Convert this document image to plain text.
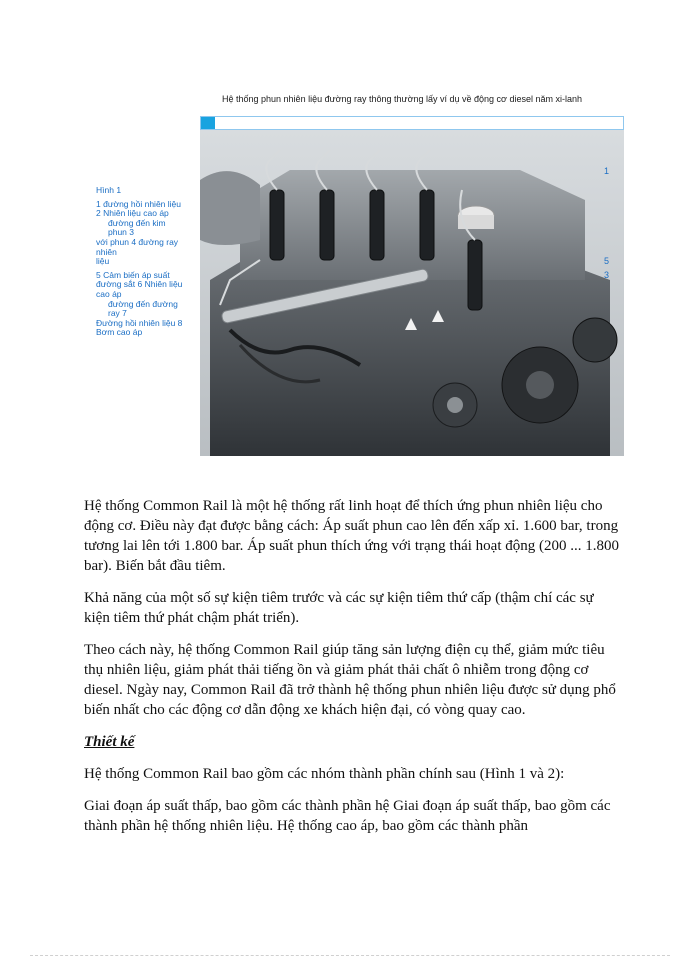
Hệ thống phun nhiên liệu đường ray thông thường lấy ví dụ về động cơ diesel năm xi-lanh
1
5
3
Hình 1
1 đường hồi nhiên liệu 2 Nhiên liệu cao áp
đường đến kim phun 3
với phun 4 đường ray nhiên
liệu
5 Cảm biến áp suất đường sắt 6 Nhiên liệu cao áp
đường đến đường ray 7
Đường hồi nhiên liệu 8 Bơm cao áp

Hệ thống Common Rail là một hệ thống rất linh hoạt để thích ứng phun nhiên liệu cho động cơ. Điều này đạt được bằng cách: Áp suất phun cao lên đến xấp xỉ. 1.600 bar, trong tương lai lên tới 1.800 bar. Áp suất phun thích ứng với trạng thái hoạt động (200 ... 1.800 bar). Biến bắt đầu tiêm.

Khả năng của một số sự kiện tiêm trước và các sự kiện tiêm thứ cấp (thậm chí các sự kiện tiêm thứ phát chậm phát triển).

Theo cách này, hệ thống Common Rail giúp tăng sản lượng điện cụ thể, giảm mức tiêu thụ nhiên liệu, giảm phát thải tiếng ồn và giảm phát thải chất ô nhiễm trong động cơ diesel. Ngày nay, Common Rail đã trở thành hệ thống phun nhiên liệu được sử dụng phổ biến nhất cho các động cơ dẫn động xe khách hiện đại, có vòng quay cao.

Thiết kế

Hệ thống Common Rail bao gồm các nhóm thành phần chính sau (Hình 1 và 2):

Giai đoạn áp suất thấp, bao gồm các thành phần hệ Giai đoạn áp suất thấp, bao gồm các thành phần hệ thống nhiên liệu. Hệ thống cao áp, bao gồm các thành phần
